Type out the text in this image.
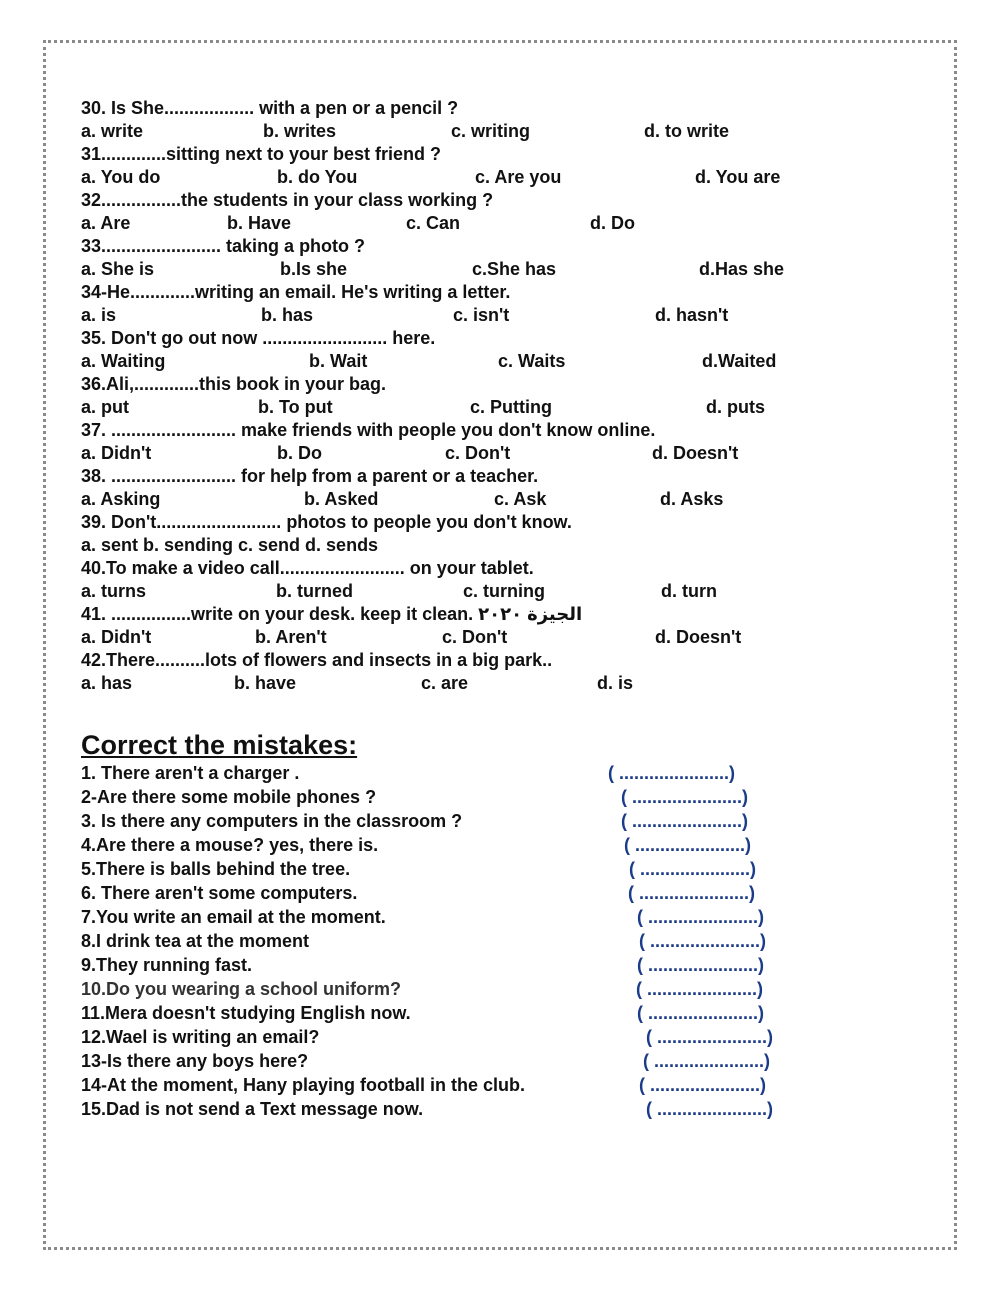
30. Is She.................. with a pen or a pencil ?
a. write	b. writes	c. writing	d. to write
31.............sitting next to your best friend ?
a. You do	b. do You	c. Are you	d. You are
32................the students in your class working ?
a. Are	b. Have	c. Can	d. Do
33........................ taking a photo ?
a. She is	b.Is she	c.She has	d.Has she
34-He.............writing an email. He's writing a letter.
a. is	b. has	c. isn't	d. hasn't
35. Don't go out now ......................... here.
a. Waiting	b. Wait	c. Waits	d.Waited
36.Ali,.............this book in your bag.
a. put	b. To put	c. Putting	d. puts
37. ......................... make friends with people you don't know online.
a. Didn't	b. Do	c. Don't	d. Doesn't
38. ......................... for help from a parent or a teacher.
a. Asking	b. Asked	c. Ask	d. Asks
39. Don't......................... photos to people you don't know.
a. sent b. sending c. send d. sends
40.To make a video call......................... on your tablet.
a. turns	b. turned	c. turning	d. turn
41. ................write on your desk. keep it clean. الجيزة ٢٠٢٠
a. Didn't	b. Aren't	c. Don't	d. Doesn't
42.There..........lots of flowers and insects in a big park..
a. has	b. have	c. are	d. is
Correct the mistakes:
1. There aren't a charger .	( ......................)
2-Are there some mobile phones ?	( ......................)
3. Is there any computers in the classroom ?	( ......................)
4.Are there a mouse? yes, there is.	( ......................)
5.There is balls behind the tree.	( ......................)
6. There aren't some computers.	( ......................)
7.You write an email at the moment.	( ......................)
8.I drink tea at the moment	( ......................)
9.They running fast.	( ......................)
10.Do you wearing a school uniform?	( ......................)
11.Mera doesn't studying English now.	( ......................)
12.Wael is writing an email?	( ......................)
13-Is there any boys here?	( ......................)
14-At the moment, Hany playing football in the club.	( ......................)
15.Dad is not send a Text message now.	( ......................)
